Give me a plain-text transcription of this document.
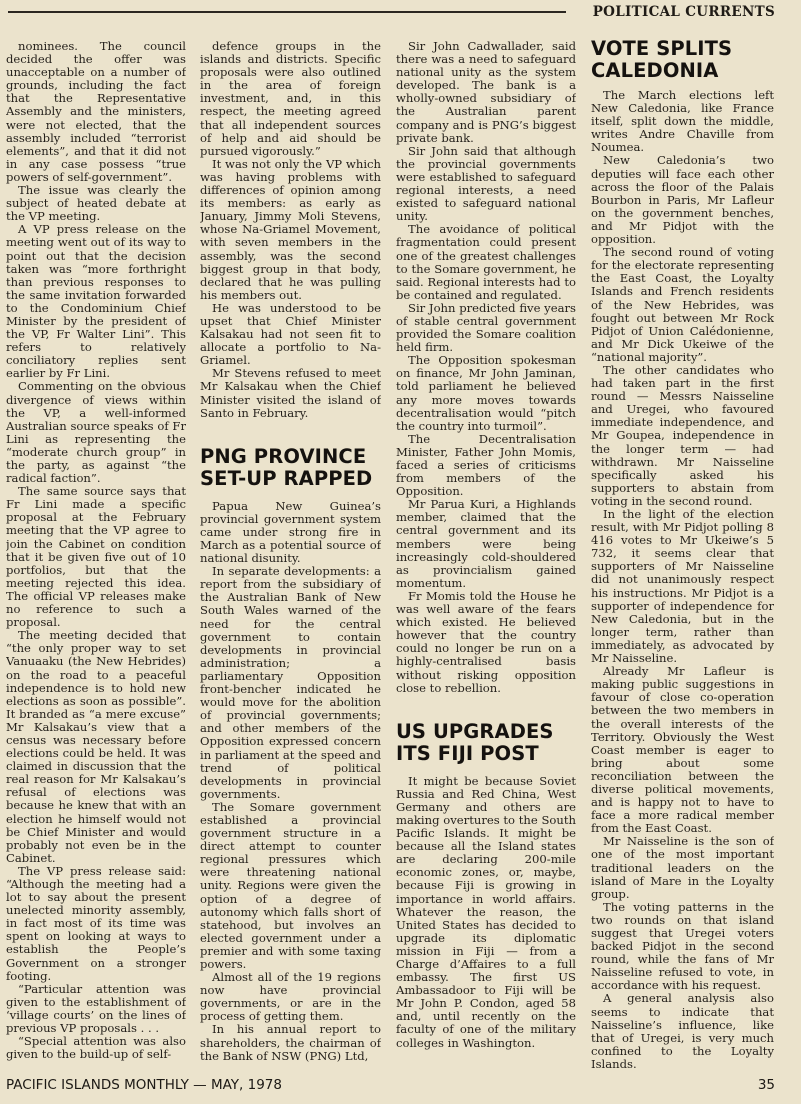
POLITICAL CURRENTS

nominees. The council decided the offer was unacceptable on a number of grounds, including the fact that the Representative Assembly and the ministers, were not elected, that the assembly included “terrorist elements”, and that it did not in any case possess “true powers of self-government”.

The issue was clearly the subject of heated debate at the VP meeting.

A VP press release on the meeting went out of its way to point out that the decision taken was “more forthright than previous responses to the same invitation forwarded to the Condominium Chief Minister by the president of the VP, Fr Walter Lini”. This refers to relatively conciliatory replies sent earlier by Fr Lini.

Commenting on the obvious divergence of views within the VP, a well-informed Australian source speaks of Fr Lini as representing the “moderate church group” in the party, as against “the radical faction”.

The same source says that Fr Lini made a specific proposal at the February meeting that the VP agree to join the Cabinet on condition that it be given five out of 10 portfolios, but that the meeting rejected this idea. The official VP releases make no reference to such a proposal.

The meeting decided that “the only proper way to set Vanuaaku (the New Hebrides) on the road to a peaceful independence is to hold new elections as soon as possible”. It branded as “a mere excuse” Mr Kalsakau’s view that a census was necessary before elections could be held. It was claimed in discussion that the real reason for Mr Kalsakau’s refusal of elections was because he knew that with an election he himself would not be Chief Minister and would probably not even be in the Cabinet.

The VP press release said: “Although the meeting had a lot to say about the present unelected minority assembly, in fact most of its time was spent on looking at ways to establish the People’s Government on a stronger footing.

“Particular attention was given to the establishment of ‘village courts’ on the lines of previous VP proposals . . .

“Special attention was also given to the build-up of self-

defence groups in the islands and districts. Specific proposals were also outlined in the area of foreign investment, and, in this respect, the meeting agreed that all independent sources of help and aid should be pursued vigorously.”

It was not only the VP which was having problems with differences of opinion among its members: as early as January, Jimmy Moli Stevens, whose Na-Griamel Movement, with seven members in the assembly, was the second biggest group in that body, declared that he was pulling his members out.

He was understood to be upset that Chief Minister Kalsakau had not seen fit to allocate a portfolio to Na-Griamel.

Mr Stevens refused to meet Mr Kalsakau when the Chief Minister visited the island of Santo in February.

PNG PROVINCE SET-UP RAPPED

Papua New Guinea’s provincial government system came under strong fire in March as a potential source of national disunity.

In separate developments: a report from the subsidiary of the Australian Bank of New South Wales warned of the need for the central government to contain developments in provincial administration; a parliamentary Opposition front-bencher indicated he would move for the abolition of provincial governments; and other members of the Opposition expressed concern in parliament at the speed and trend of political developments in provincial governments.

The Somare government established a provincial government structure in a direct attempt to counter regional pressures which were threatening national unity. Regions were given the option of a degree of autonomy which falls short of statehood, but involves an elected government under a premier and with some taxing powers.

Almost all of the 19 regions now have provincial governments, or are in the process of getting them.

In his annual report to shareholders, the chairman of the Bank of NSW (PNG) Ltd,

Sir John Cadwallader, said there was a need to safeguard national unity as the system developed. The bank is a wholly-owned subsidiary of the Australian parent company and is PNG’s biggest private bank.

Sir John said that although the provincial governments were established to safeguard regional interests, a need existed to safeguard national unity.

The avoidance of political fragmentation could present one of the greatest challenges to the Somare government, he said. Regional interests had to be contained and regulated.

Sir John predicted five years of stable central government provided the Somare coalition held firm.

The Opposition spokesman on finance, Mr John Jaminan, told parliament he believed any more moves towards decentralisation would “pitch the country into turmoil”.

The Decentralisation Minister, Father John Momis, faced a series of criticisms from members of the Opposition.

Mr Parua Kuri, a Highlands member, claimed that the central government and its members were being increasingly cold-shouldered as provincialism gained momentum.

Fr Momis told the House he was well aware of the fears which existed. He believed however that the country could no longer be run on a highly-centralised basis without risking opposition close to rebellion.

US UPGRADES ITS FIJI POST

It might be because Soviet Russia and Red China, West Germany and others are making overtures to the South Pacific Islands. It might be because all the Island states are declaring 200-mile economic zones, or, maybe, because Fiji is growing in importance in world affairs. Whatever the reason, the United States has decided to upgrade its diplomatic mission in Fiji — from a Charge d’Affaires to a full embassy. The first US Ambassadoor to Fiji will be Mr John P. Condon, aged 58 and, until recently on the faculty of one of the military colleges in Washington.

VOTE SPLITS CALEDONIA

The March elections left New Caledonia, like France itself, split down the middle, writes Andre Chaville from Noumea.

New Caledonia’s two deputies will face each other across the floor of the Palais Bourbon in Paris, Mr Lafleur on the government benches, and Mr Pidjot with the opposition.

The second round of voting for the electorate representing the East Coast, the Loyalty Islands and French residents of the New Hebrides, was fought out between Mr Rock Pidjot of Union Calédonienne, and Mr Dick Ukeiwe of the “national majority”.

The other candidates who had taken part in the first round — Messrs Naisseline and Uregei, who favoured immediate independence, and Mr Goupea, independence in the longer term — had withdrawn. Mr Naisseline specifically asked his supporters to abstain from voting in the second round.

In the light of the election result, with Mr Pidjot polling 8 416 votes to Mr Ukeiwe’s 5 732, it seems clear that supporters of Mr Naisseline did not unanimously respect his instructions. Mr Pidjot is a supporter of independence for New Caledonia, but in the longer term, rather than immediately, as advocated by Mr Naisseline.

Already Mr Lafleur is making public suggestions in favour of close co-operation between the two members in the overall interests of the Territory. Obviously the West Coast member is eager to bring about some reconciliation between the diverse political movements, and is happy not to have to face a more radical member from the East Coast.

Mr Naisseline is the son of one of the most important traditional leaders on the island of Mare in the Loyalty group.

The voting patterns in the two rounds on that island suggest that Uregei voters backed Pidjot in the second round, while the fans of Mr Naisseline refused to vote, in accordance with his request.

A general analysis also seems to indicate that Naisseline’s influence, like that of Uregei, is very much confined to the Loyalty Islands.

PACIFIC ISLANDS MONTHLY — MAY, 1978	35
